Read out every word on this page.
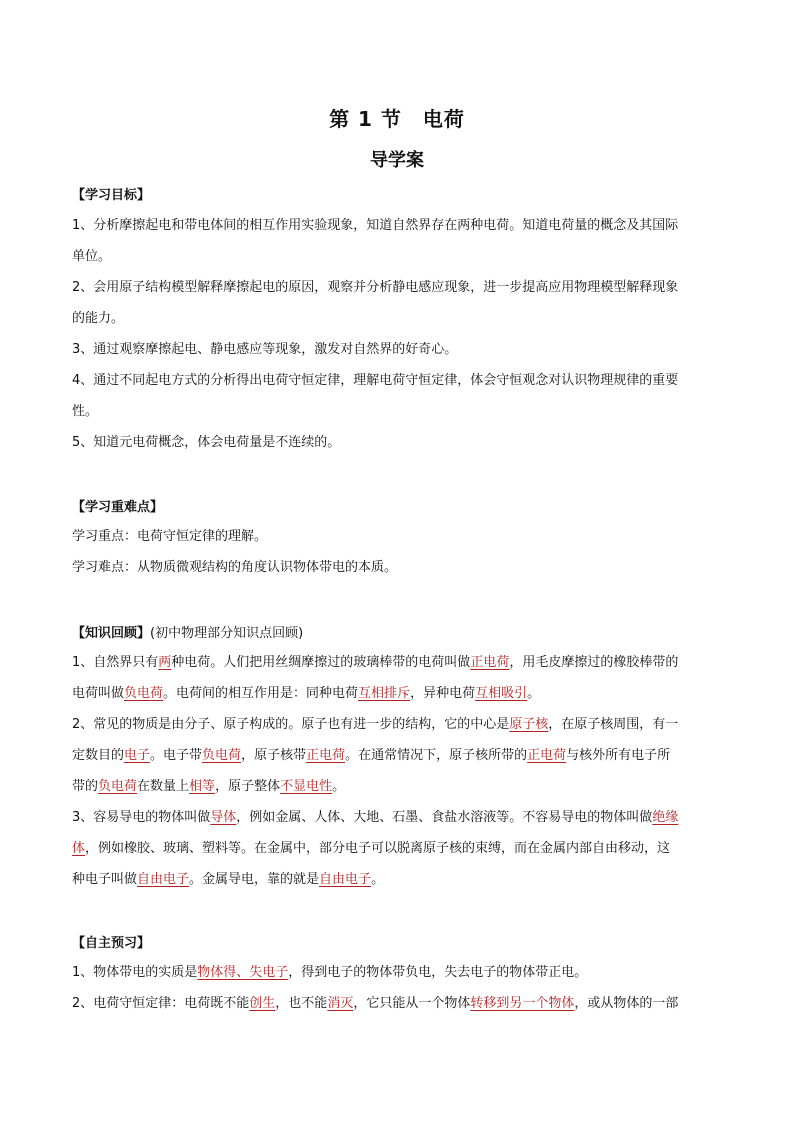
第 1 节　电荷
导学案
【学习目标】
1、分析摩擦起电和带电体间的相互作用实验现象，知道自然界存在两种电荷。知道电荷量的概念及其国际
单位。
2、会用原子结构模型解释摩擦起电的原因，观察并分析静电感应现象，进一步提高应用物理模型解释现象
的能力。
3、通过观察摩擦起电、静电感应等现象，激发对自然界的好奇心。
4、通过不同起电方式的分析得出电荷守恒定律，理解电荷守恒定律，体会守恒观念对认识物理规律的重要
性。
5、知道元电荷概念，体会电荷量是不连续的。
【学习重难点】
学习重点：电荷守恒定律的理解。
学习难点：从物质微观结构的角度认识物体带电的本质。
【知识回顾】(初中物理部分知识点回顾)
1、自然界只有两种电荷。人们把用丝绸摩擦过的玻璃棒带的电荷叫做正电荷，用毛皮摩擦过的橡胶棒带的
电荷叫做负电荷。电荷间的相互作用是：同种电荷互相排斥，异种电荷互相吸引。
2、常见的物质是由分子、原子构成的。原子也有进一步的结构，它的中心是原子核，在原子核周围，有一
定数目的电子。电子带负电荷，原子核带正电荷。在通常情况下，原子核所带的正电荷与核外所有电子所
带的负电荷在数量上相等，原子整体不显电性。
3、容易导电的物体叫做导体，例如金属、人体、大地、石墨、食盐水溶液等。不容易导电的物体叫做绝缘
体，例如橡胶、玻璃、塑料等。在金属中，部分电子可以脱离原子核的束缚，而在金属内部自由移动，这
种电子叫做自由电子。金属导电，靠的就是自由电子。
【自主预习】
1、物体带电的实质是物体得、失电子，得到电子的物体带负电，失去电子的物体带正电。
2、电荷守恒定律：电荷既不能创生，也不能消灭，它只能从一个物体转移到另一个物体，或从物体的一部
